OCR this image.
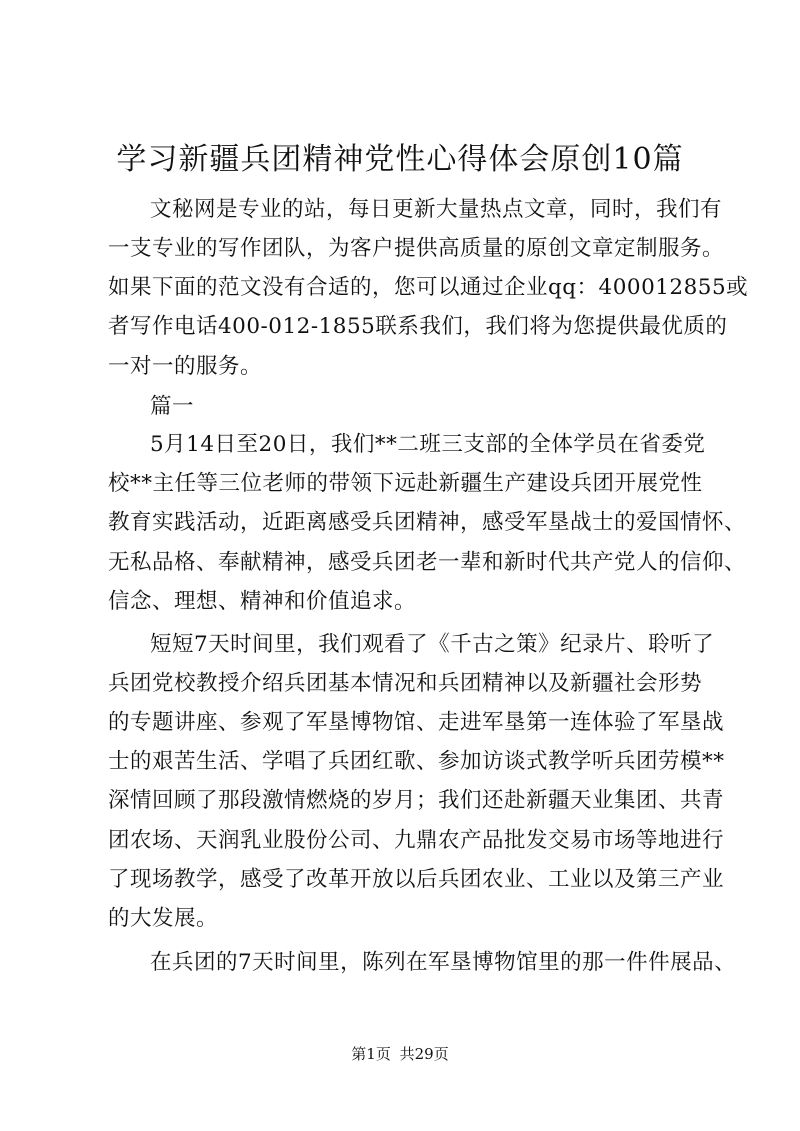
学习新疆兵团精神党性心得体会原创10篇
文秘网是专业的站，每日更新大量热点文章，同时，我们有
一支专业的写作团队，为客户提供高质量的原创文章定制服务。
如果下面的范文没有合适的，您可以通过企业qq：400012855或
者写作电话400-012-1855联系我们，我们将为您提供最优质的
一对一的服务。
篇一
5月14日至20日，我们**二班三支部的全体学员在省委党
校**主任等三位老师的带领下远赴新疆生产建设兵团开展党性
教育实践活动，近距离感受兵团精神，感受军垦战士的爱国情怀、
无私品格、奉献精神，感受兵团老一辈和新时代共产党人的信仰、
信念、理想、精神和价值追求。
短短7天时间里，我们观看了《千古之策》纪录片、聆听了
兵团党校教授介绍兵团基本情况和兵团精神以及新疆社会形势
的专题讲座、参观了军垦博物馆、走进军垦第一连体验了军垦战
士的艰苦生活、学唱了兵团红歌、参加访谈式教学听兵团劳模**
深情回顾了那段激情燃烧的岁月；我们还赴新疆天业集团、共青
团农场、天润乳业股份公司、九鼎农产品批发交易市场等地进行
了现场教学，感受了改革开放以后兵团农业、工业以及第三产业
的大发展。
在兵团的7天时间里，陈列在军垦博物馆里的那一件件展品、
第1页 共29页
